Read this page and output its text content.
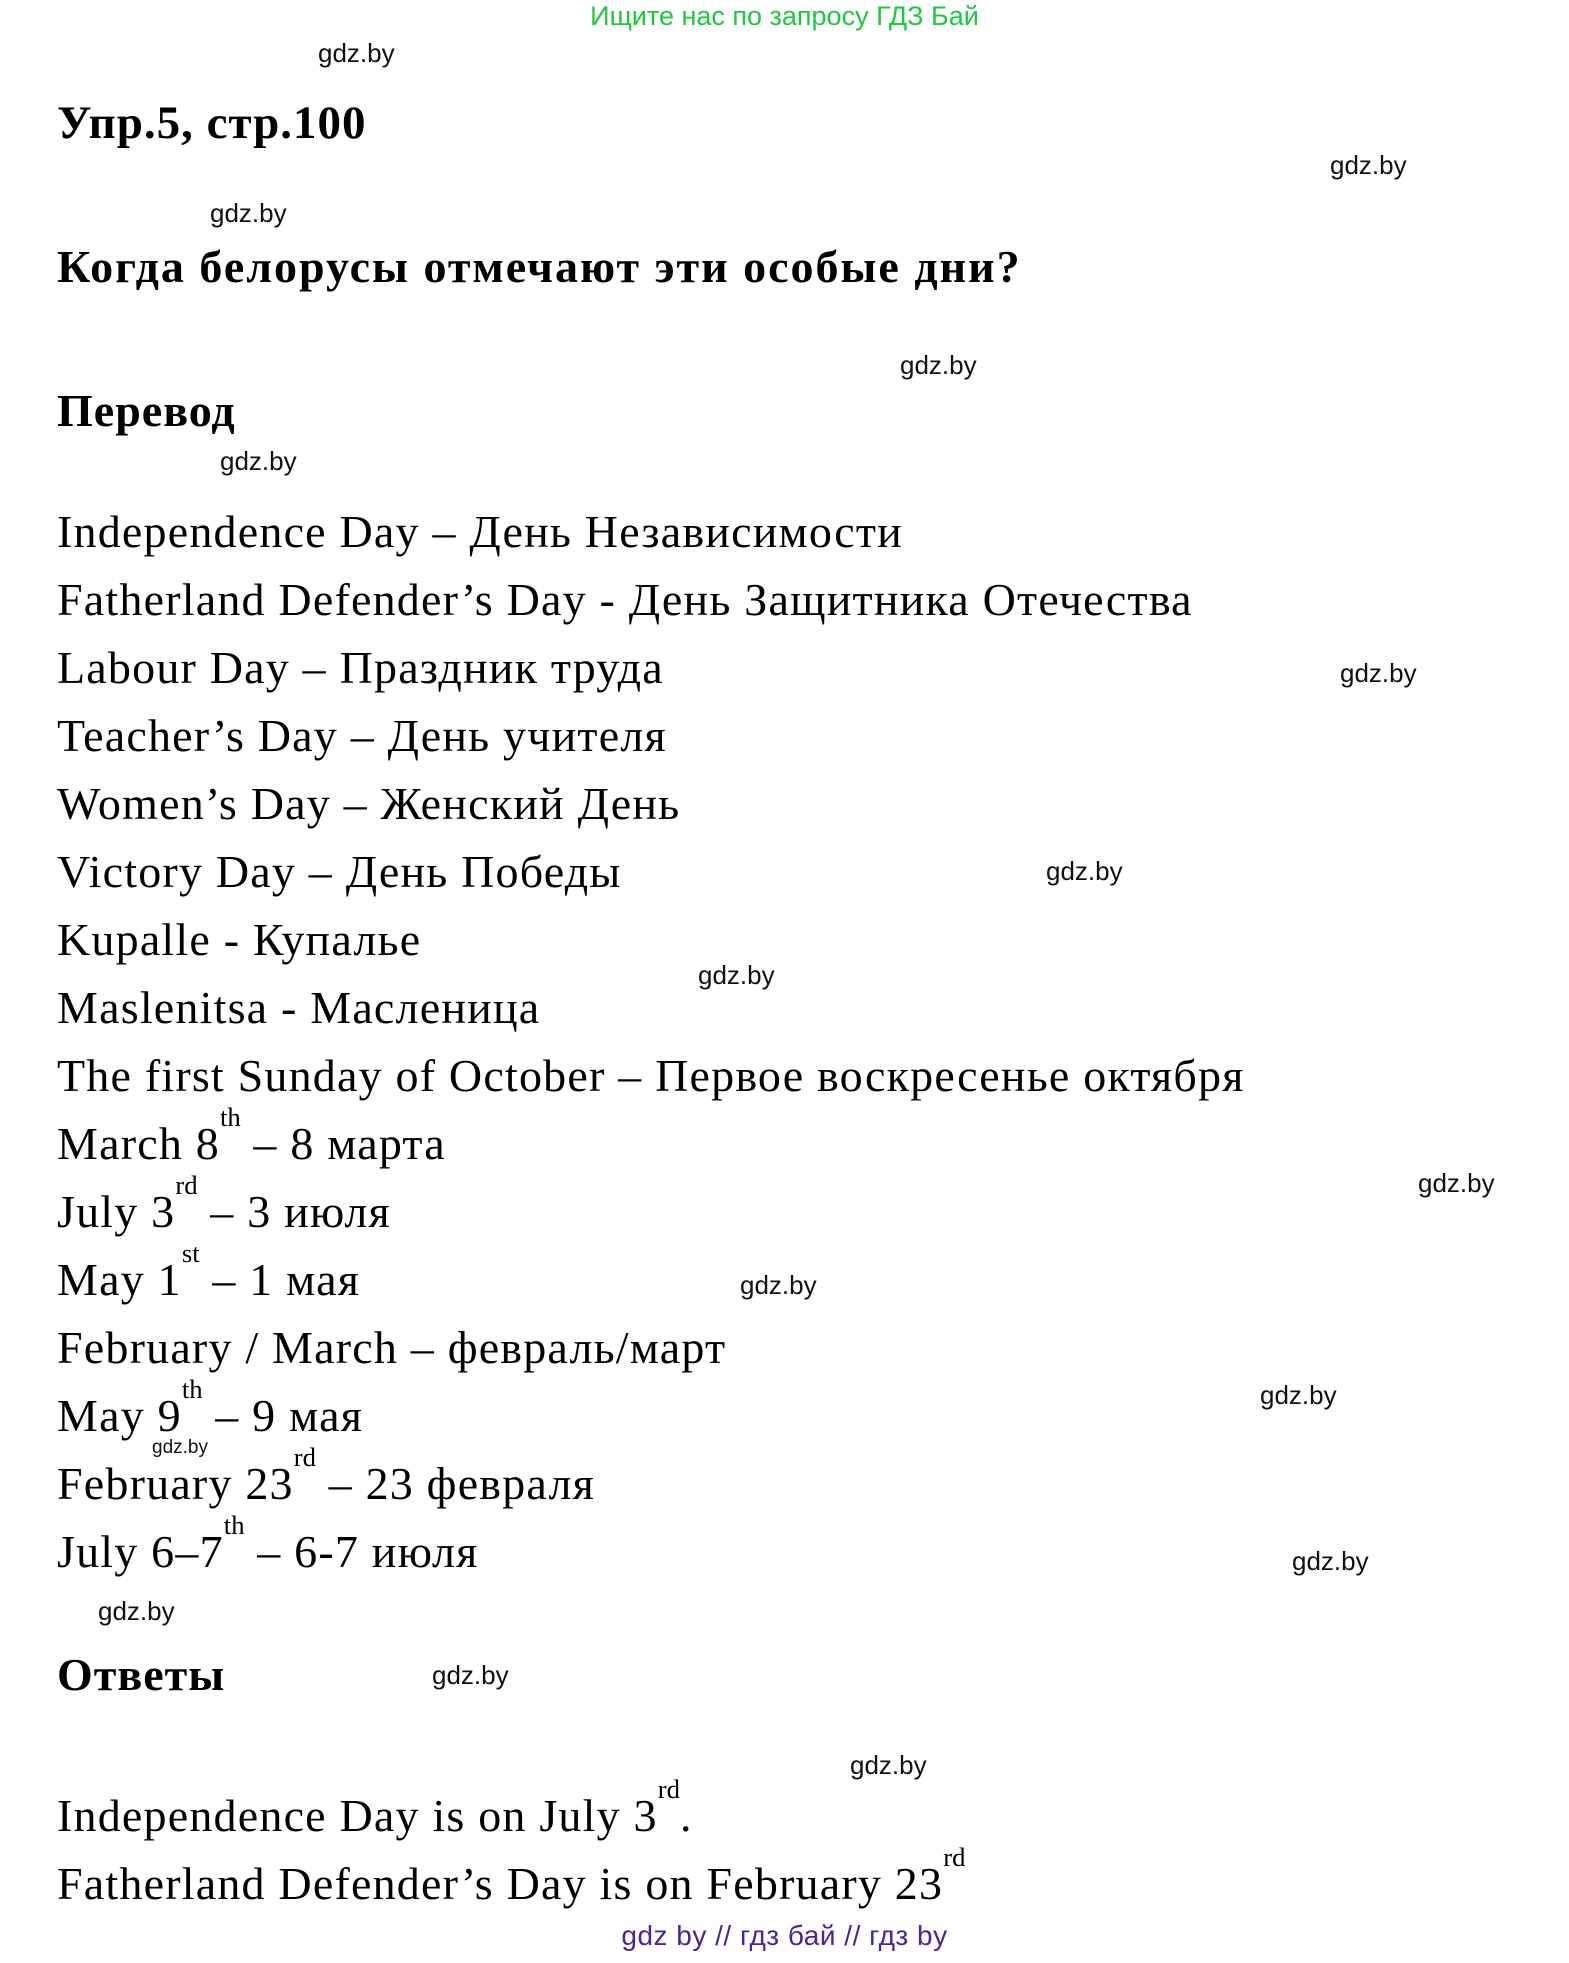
Ищите нас по запросу ГДЗ Бай
Упр.5, стр.100
Когда белорусы отмечают эти особые дни?
Перевод
Independence Day – День Независимости
Fatherland Defender’s Day - День Защитника Отечества
Labour Day – Праздник труда
Teacher’s Day – День учителя
Women’s Day – Женский День
Victory Day – День Победы
Kupalle - Купалье
Maslenitsa - Масленица
The first Sunday of October – Первое воскресенье октября
March 8th – 8 марта
July 3rd – 3 июля
May 1st – 1 мая
February / March – февраль/март
May 9th – 9 мая
February 23rd – 23 февраля
July 6–7th – 6-7 июля
Ответы
Independence Day is on July 3rd.
Fatherland Defender’s Day is on February 23rd
gdz.by
gdz.by
gdz.by
gdz.by
gdz.by
gdz.by
gdz.by
gdz.by
gdz.by
gdz.by
gdz.by
gdz.by
gdz.by
gdz.by
gdz.by
gdz.by
gdz by // гдз бай // гдз by
